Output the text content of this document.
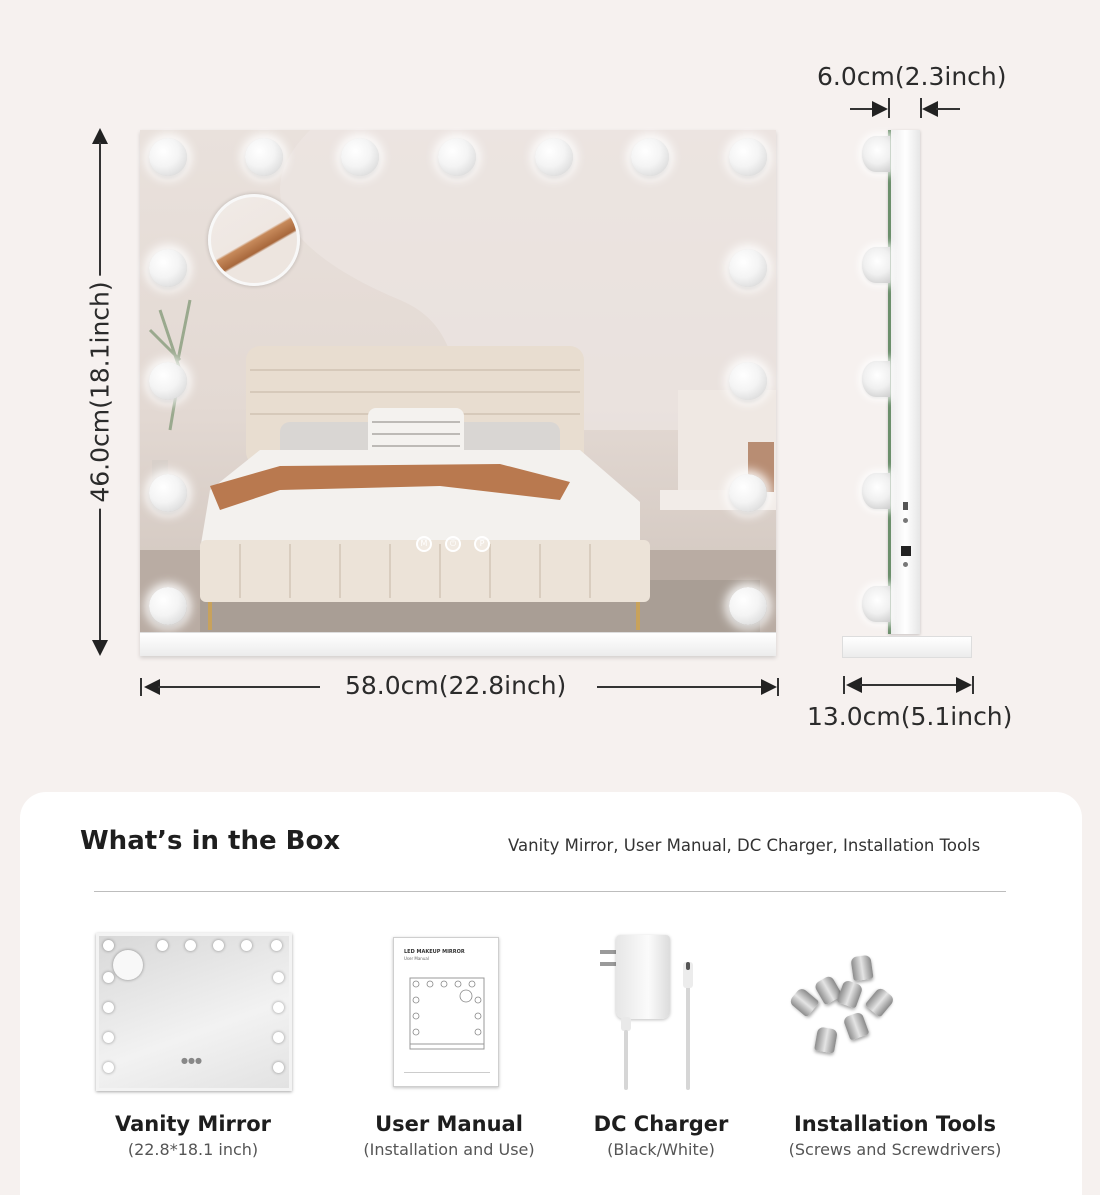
46.0cm(18.1inch)
M	⏻	P
58.0cm(22.8inch)
6.0cm(2.3inch)
13.0cm(5.1inch)
What’s in the Box	Vanity Mirror, User Manual, DC Charger, Installation Tools
●●●
LED MAKEUP MIRROR
User Manual
Vanity Mirror
(22.8*18.1 inch)
User Manual
(Installation and Use)
DC Charger
(Black/White)
Installation Tools
(Screws and Screwdrivers)
